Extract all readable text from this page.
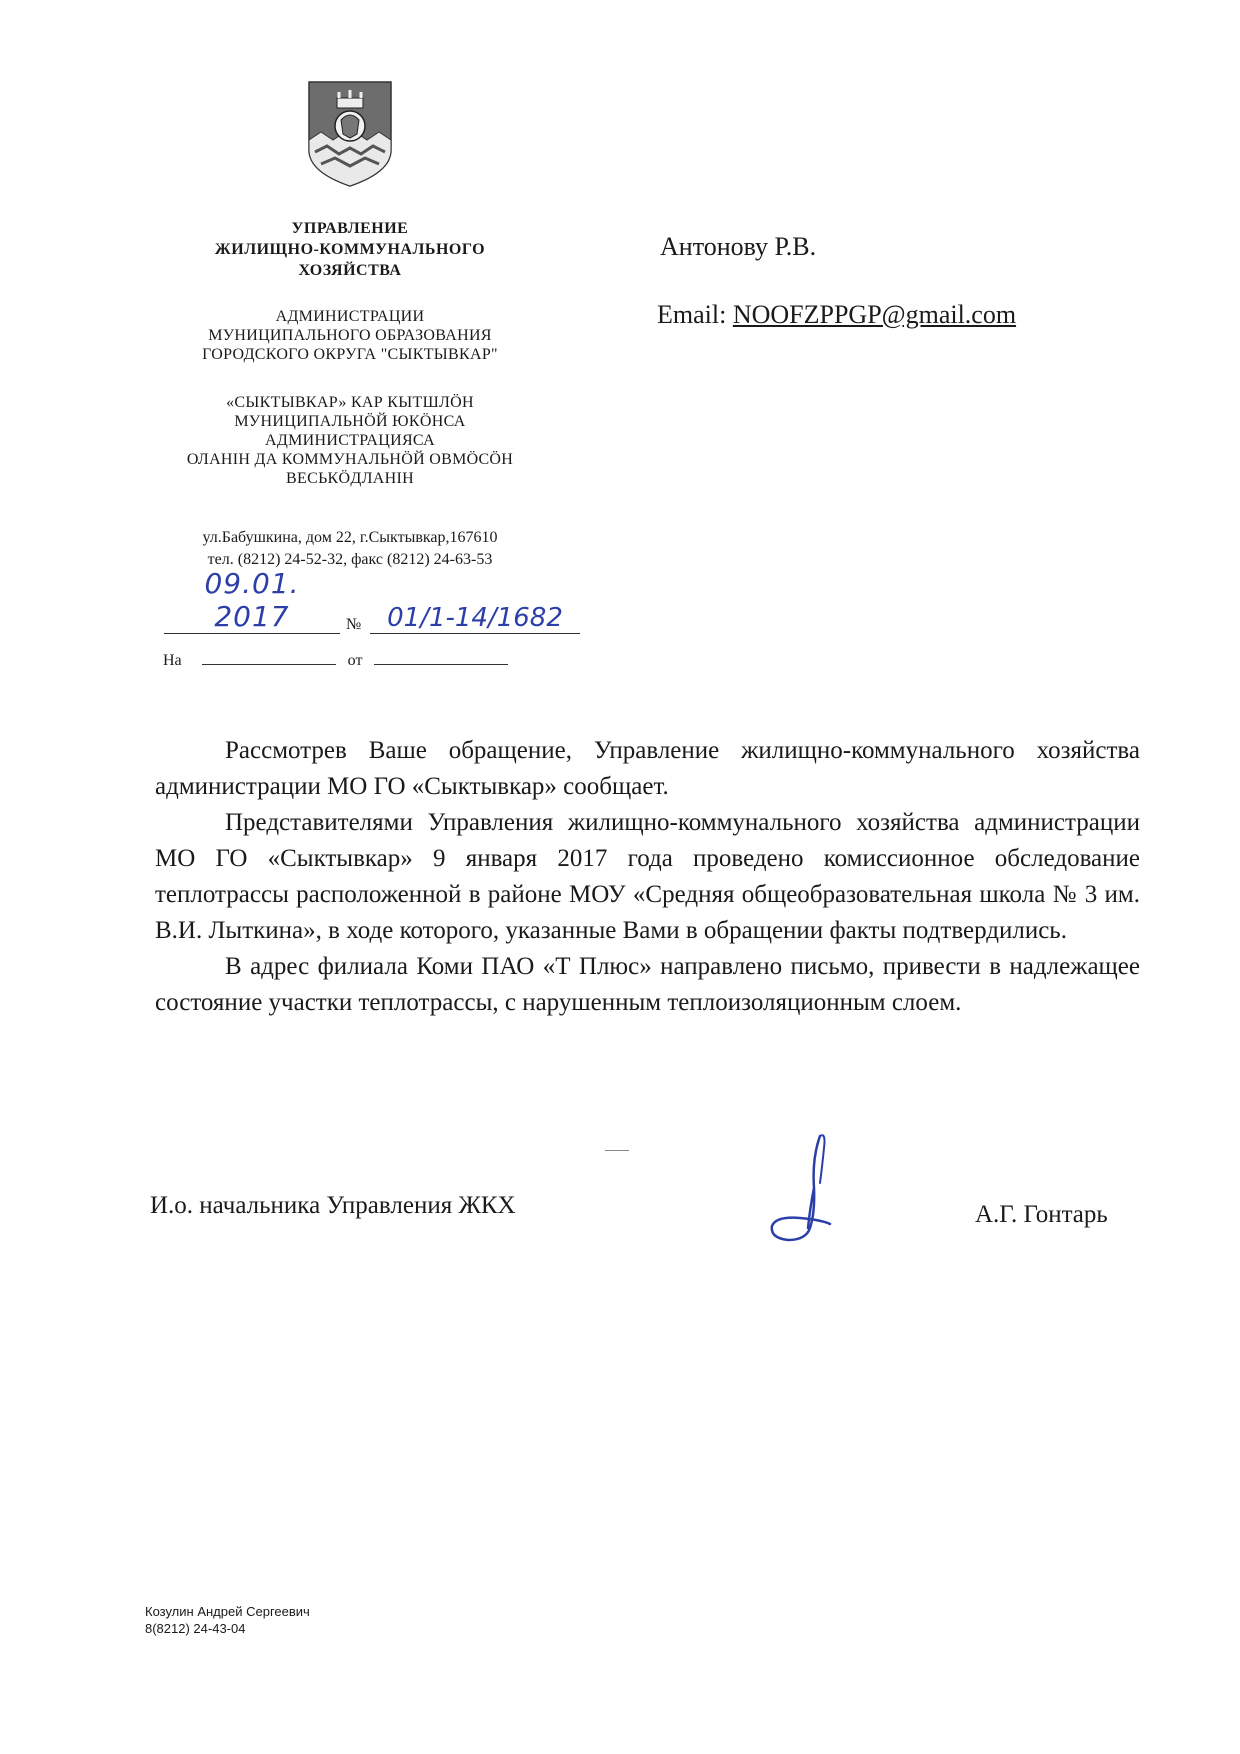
УПРАВЛЕНИЕ
ЖИЛИЩНО-КОММУНАЛЬНОГО
ХОЗЯЙСТВА
АДМИНИСТРАЦИИ
МУНИЦИПАЛЬНОГО ОБРАЗОВАНИЯ
ГОРОДСКОГО ОКРУГА "СЫКТЫВКАР"
«СЫКТЫВКАР» КАР КЫТШЛӦН
МУНИЦИПАЛЬНӦЙ ЮКӦНСА
АДМИНИСТРАЦИЯСА
ОЛАНІН ДА КОММУНАЛЬНӦЙ ОВМӦСӦН
ВЕСЬКӦДЛАНІН
ул.Бабушкина, дом 22, г.Сыктывкар,167610
тел. (8212) 24-52-32, факс (8212) 24-63-53
09.01. 2017	№ 01/1-14/1682
На	от
Антонову Р.В.
Email: NOOFZPPGP@gmail.com

Рассмотрев Ваше обращение, Управление жилищно-коммунального хозяйства администрации МО ГО «Сыктывкар» сообщает.

Представителями Управления жилищно-коммунального хозяйства администрации МО ГО «Сыктывкар» 9 января 2017 года проведено комиссионное обследование теплотрассы расположенной в районе МОУ «Средняя общеобразовательная школа № 3 им. В.И. Лыткина», в ходе которого, указанные Вами в обращении факты подтвердились.

В адрес филиала Коми ПАО «Т Плюс» направлено письмо, привести в надлежащее состояние участки теплотрассы, с нарушенным теплоизоляционным слоем.

И.о. начальника Управления ЖКХ	А.Г. Гонтарь
Козулин Андрей Сергеевич
8(8212) 24-43-04
